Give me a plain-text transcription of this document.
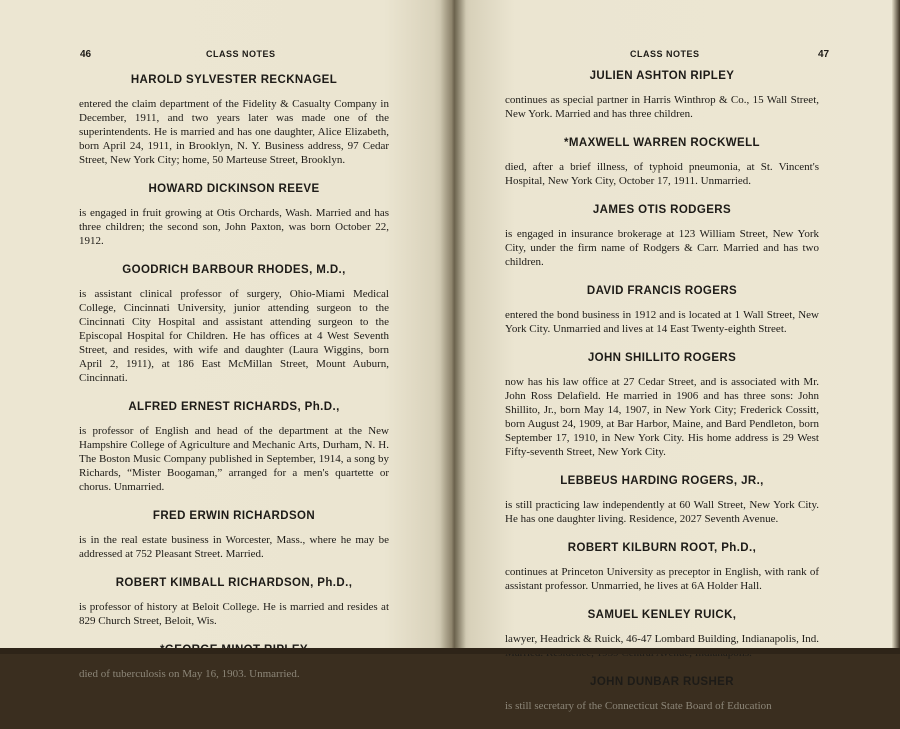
46	CLASS NOTES
HAROLD SYLVESTER RECKNAGEL
entered the claim department of the Fidelity & Casualty Company in December, 1911, and two years later was made one of the superintendents. He is married and has one daughter, Alice Elizabeth, born April 24, 1911, in Brooklyn, N. Y. Business address, 97 Cedar Street, New York City; home, 50 Marteuse Street, Brooklyn.
HOWARD DICKINSON REEVE
is engaged in fruit growing at Otis Orchards, Wash. Married and has three children; the second son, John Paxton, was born October 22, 1912.
GOODRICH BARBOUR RHODES, M.D.,
is assistant clinical professor of surgery, Ohio-Miami Medical College, Cincinnati University, junior attending surgeon to the Cincinnati City Hospital and assistant attending surgeon to the Episcopal Hospital for Children. He has offices at 4 West Seventh Street, and resides, with wife and daughter (Laura Wiggins, born April 2, 1911), at 186 East McMillan Street, Mount Auburn, Cincinnati.
ALFRED ERNEST RICHARDS, Ph.D.,
is professor of English and head of the department at the New Hampshire College of Agriculture and Mechanic Arts, Durham, N. H. The Boston Music Company published in September, 1914, a song by Richards, “Mister Boogaman,” arranged for a men's quartette or chorus. Unmarried.
FRED ERWIN RICHARDSON
is in the real estate business in Worcester, Mass., where he may be addressed at 752 Pleasant Street. Married.
ROBERT KIMBALL RICHARDSON, Ph.D.,
is professor of history at Beloit College. He is married and resides at 829 Church Street, Beloit, Wis.
died of tuberculosis on May 16, 1903. Unmarried.
CLASS NOTES	47
JULIEN ASHTON RIPLEY
continues as special partner in Harris Winthrop & Co., 15 Wall Street, New York. Married and has three children.
*MAXWELL WARREN ROCKWELL
died, after a brief illness, of typhoid pneumonia, at St. Vincent's Hospital, New York City, October 17, 1911. Unmarried.
JAMES OTIS RODGERS
is engaged in insurance brokerage at 123 William Street, New York City, under the firm name of Rodgers & Carr. Married and has two children.
DAVID FRANCIS ROGERS
entered the bond business in 1912 and is located at 1 Wall Street, New York City. Unmarried and lives at 14 East Twenty-eighth Street.
JOHN SHILLITO ROGERS
now has his law office at 27 Cedar Street, and is associated with Mr. John Ross Delafield. He married in 1906 and has three sons: John Shillito, Jr., born May 14, 1907, in New York City; Frederick Cossitt, born August 24, 1909, at Bar Harbor, Maine, and Bard Pendleton, born September 17, 1910, in New York City. His home address is 29 West Fifty-seventh Street, New York City.
LEBBEUS HARDING ROGERS, JR.,
is still practicing law independently at 60 Wall Street, New York City. He has one daughter living. Residence, 2027 Seventh Avenue.
ROBERT KILBURN ROOT, Ph.D.,
continues at Princeton University as preceptor in English, with rank of assistant professor. Unmarried, he lives at 6A Holder Hall.
SAMUEL KENLEY RUICK,
lawyer, Headrick & Ruick, 46-47 Lombard Building, Indianapolis, Ind.
JOHN DUNBAR RUSHER
is still secretary of the Connecticut State Board of Education
